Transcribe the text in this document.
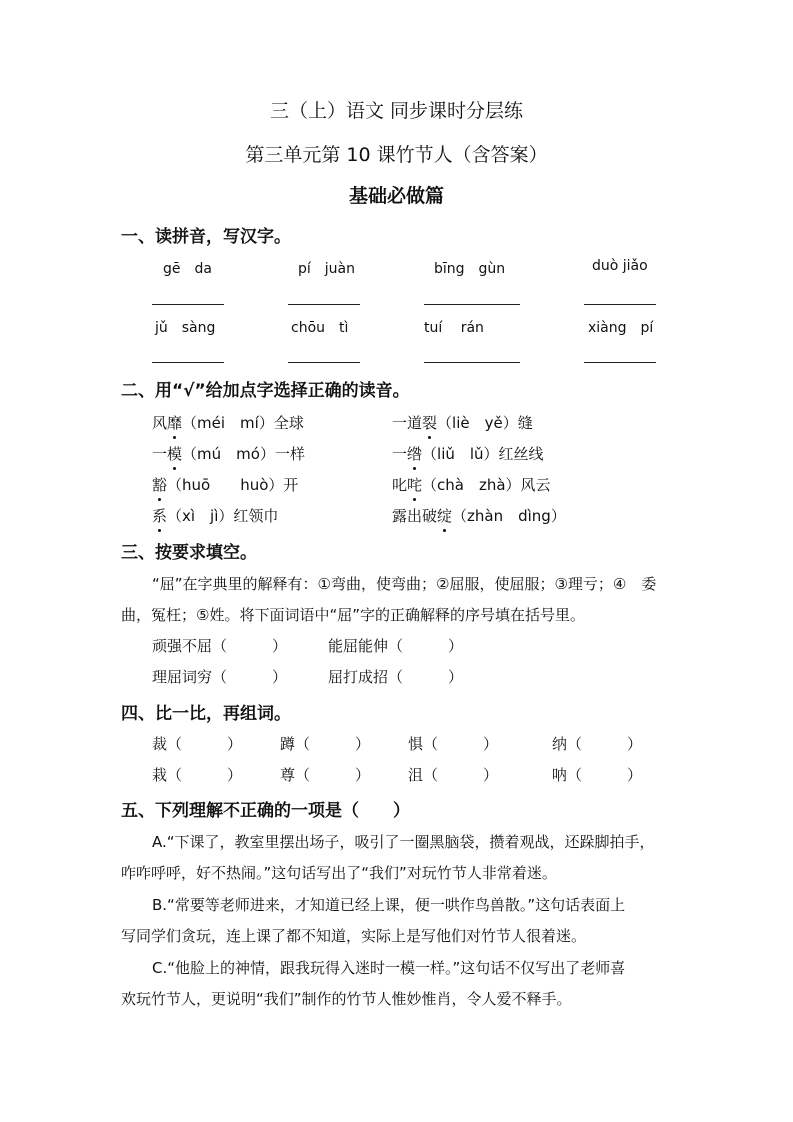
三（上）语文 同步课时分层练
第三单元第 10 课竹节人（含答案）
基础必做篇
一、读拼音，写汉字。
gē　da	pí　juàn	bīng　gùn	duò jiǎo
jǔ　sàng	chōu　tì	tuí　 rán	xiàng　pí
二、用“√”给加点字选择正确的读音。
风靡（méi　mí）全球	一道裂（liè　yě）缝
一模（mú　mó）一样	一绺（liǔ　lǔ）红丝线
豁（huō　　huò）开	叱咤（chà　zhà）风云
系（xì　jì）红领巾	露出破绽（zhàn　dìng）
三、按要求填空。
“屈”在字典里的解释有：①弯曲，使弯曲；②屈服，使屈服；③理亏；④　委
曲，冤枉；⑤姓。将下面词语中“屈”字的正确解释的序号填在括号里。
顽强不屈（　　　）	能屈能伸（　　　）
理屈词穷（　　　）	屈打成招（　　　）
四、比一比，再组词。
裁（　　　）	蹲（　　　）	惧（　　　）	纳（　　　）
栽（　　　）	尊（　　　）	沮（　　　）	呐（　　　）
五、下列理解不正确的一项是（　　）
A.“下课了，教室里摆出场子，吸引了一圈黑脑袋，攒着观战，还跺脚拍手，
咋咋呼呼，好不热闹。”这句话写出了“我们”对玩竹节人非常着迷。
B.“常要等老师进来，才知道已经上课，便一哄作鸟兽散。”这句话表面上
写同学们贪玩，连上课了都不知道，实际上是写他们对竹节人很着迷。
C.“他脸上的神情，跟我玩得入迷时一模一样。”这句话不仅写出了老师喜
欢玩竹节人，更说明“我们”制作的竹节人惟妙惟肖，令人爱不释手。
